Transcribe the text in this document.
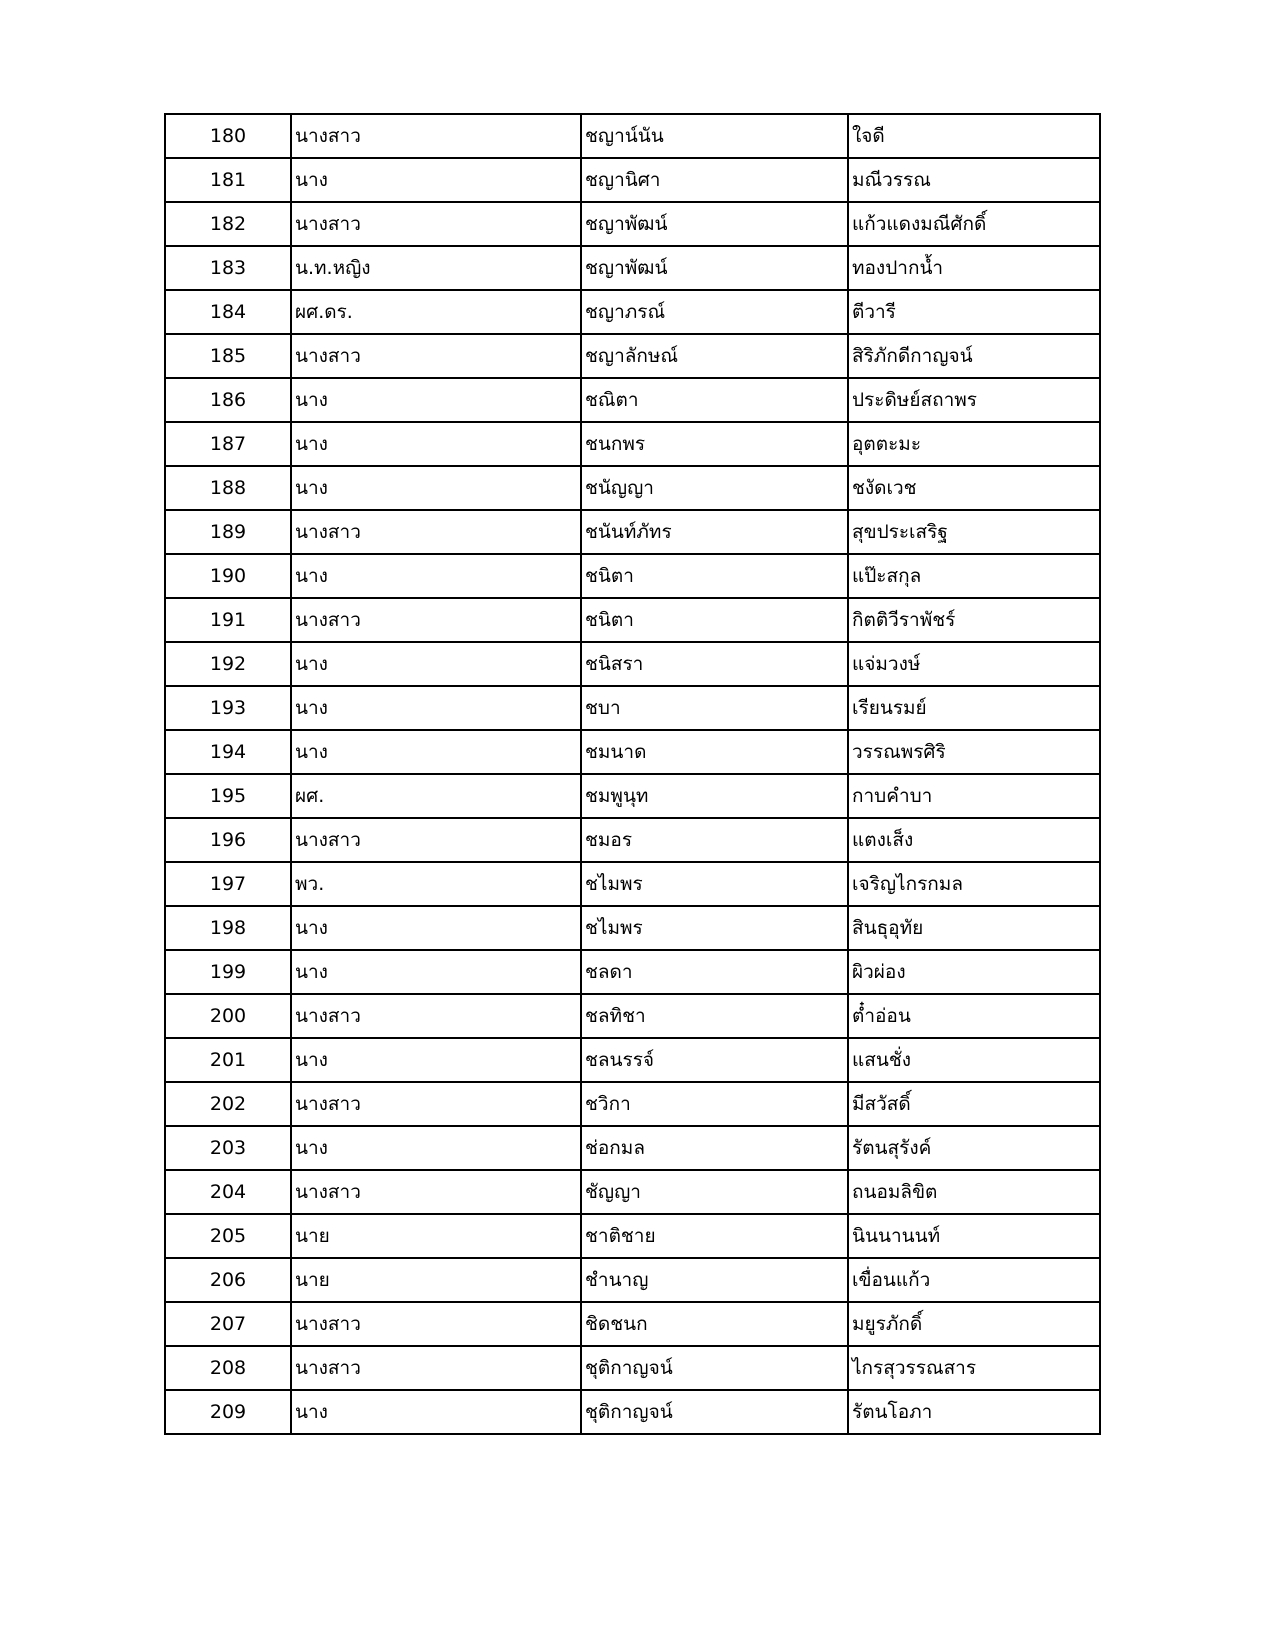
180	นางสาว	ชญาน์นัน	ใจดี
181	นาง	ชญานิศา	มณีวรรณ
182	นางสาว	ชญาพัฒน์	แก้วแดงมณีศักดิ์
183	น.ท.หญิง	ชญาพัฒน์	ทองปากน้ำ
184	ผศ.ดร.	ชญาภรณ์	ตีวารี
185	นางสาว	ชญาลักษณ์	สิริภักดีกาญจน์
186	นาง	ชณิตา	ประดิษย์สถาพร
187	นาง	ชนกพร	อุตตะมะ
188	นาง	ชนัญญา	ชงัดเวช
189	นางสาว	ชนันท์ภัทร	สุขประเสริฐ
190	นาง	ชนิตา	แป๊ะสกุล
191	นางสาว	ชนิตา	กิตติวีราพัชร์
192	นาง	ชนิสรา	แจ่มวงษ์
193	นาง	ชบา	เรียนรมย์
194	นาง	ชมนาด	วรรณพรศิริ
195	ผศ.	ชมพูนุท	กาบคำบา
196	นางสาว	ชมอร	แตงเส็ง
197	พว.	ชไมพร	เจริญไกรกมล
198	นาง	ชไมพร	สินธุอุทัย
199	นาง	ชลดา	ผิวผ่อง
200	นางสาว	ชลทิชา	ต๋ำอ่อน
201	นาง	ชลนรรจ์	แสนชั่ง
202	นางสาว	ชวิกา	มีสวัสดิ์
203	นาง	ช่อกมล	รัตนสุรังค์
204	นางสาว	ชัญญา	ถนอมลิขิต
205	นาย	ชาติชาย	นินนานนท์
206	นาย	ชำนาญ	เขื่อนแก้ว
207	นางสาว	ชิดชนก	มยูรภักดิ์
208	นางสาว	ชุติกาญจน์	ไกรสุวรรณสาร
209	นาง	ชุติกาญจน์	รัตนโอภา
